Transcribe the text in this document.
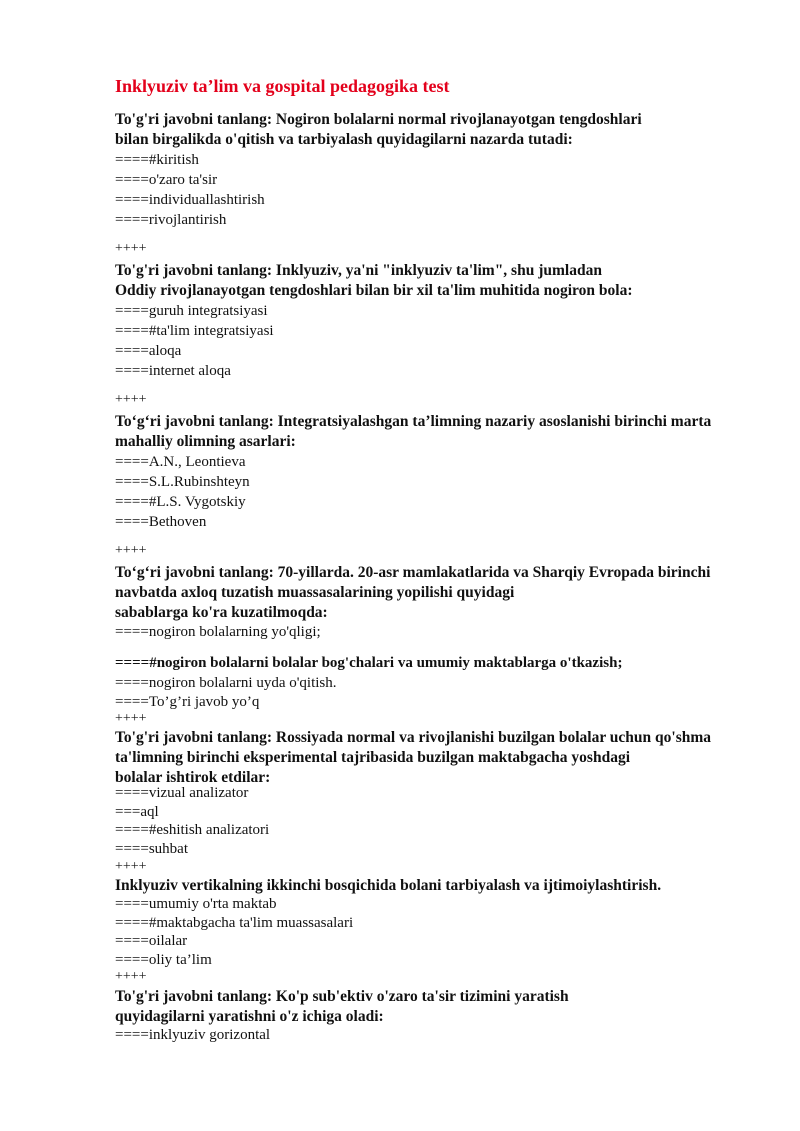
Inklyuziv ta’lim va gospital pedagogika test
To'g'ri javobni tanlang: Nogiron bolalarni normal rivojlanayotgan tengdoshlari
bilan birgalikda o'qitish va tarbiyalash quyidagilarni nazarda tutadi:
====#kiritish
====o'zaro ta'sir
====individuallashtirish
====rivojlantirish
++++
To'g'ri javobni tanlang: Inklyuziv, ya'ni "inklyuziv ta'lim", shu jumladan
Oddiy rivojlanayotgan tengdoshlari bilan bir xil ta'lim muhitida nogiron bola:
====guruh integratsiyasi
====#ta'lim integratsiyasi
====aloqa
====internet aloqa
++++
To‘g‘ri javobni tanlang: Integratsiyalashgan ta’limning nazariy asoslanishi birinchi marta
mahalliy olimning asarlari:
====A.N., Leontieva
====S.L.Rubinshteyn
====#L.S. Vygotskiy
====Bethoven
++++
To‘g‘ri javobni tanlang: 70-yillarda. 20-asr mamlakatlarida va Sharqiy Evropada birinchi
navbatda axloq tuzatish muassasalarining yopilishi quyidagi
sabablarga ko'ra kuzatilmoqda:
====nogiron bolalarning yo'qligi;
====#nogiron bolalarni bolalar bog'chalari va umumiy maktablarga o'tkazish;
====nogiron bolalarni uyda o'qitish.
====To’g’ri javob yo’q
++++
To'g'ri javobni tanlang: Rossiyada normal va rivojlanishi buzilgan bolalar uchun qo'shma
ta'limning birinchi eksperimental tajribasida buzilgan maktabgacha yoshdagi
bolalar ishtirok etdilar:
====vizual analizator
===aql
====#eshitish analizatori
====suhbat
++++
Inklyuziv vertikalning ikkinchi bosqichida bolani tarbiyalash va ijtimoiylashtirish.
====umumiy o'rta maktab
====#maktabgacha ta'lim muassasalari
====oilalar
====oliy ta’lim
++++
To'g'ri javobni tanlang: Ko'p sub'ektiv o'zaro ta'sir tizimini yaratish
quyidagilarni yaratishni o'z ichiga oladi:
====inklyuziv gorizontal
